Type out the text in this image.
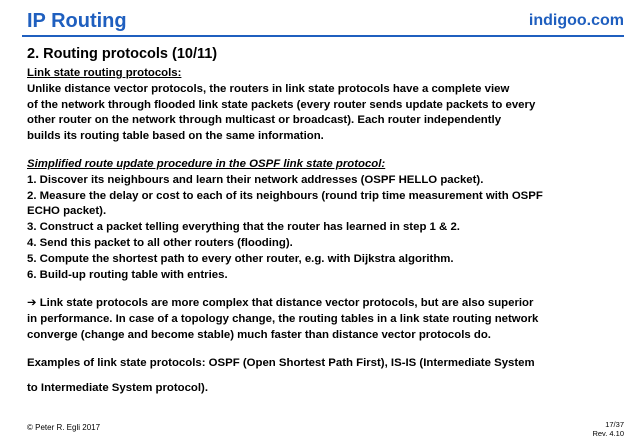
IP Routing	indigoo.com
2. Routing protocols (10/11)
Link state routing protocols:
Unlike distance vector protocols, the routers in link state protocols have a complete view
of the network through flooded link state packets (every router sends update packets to every
other router on the network through multicast or broadcast). Each router independently
builds its routing table based on the same information.
Simplified route update procedure in the OSPF link state protocol:
1. Discover its neighbours and learn their network addresses (OSPF HELLO packet).
2. Measure the delay or cost to each of its neighbours (round trip time measurement with OSPF
ECHO packet).
3. Construct a packet telling everything that the router has learned in step 1 & 2.
4. Send this packet to all other routers (flooding).
5. Compute the shortest path to every other router, e.g. with Dijkstra algorithm.
6. Build-up routing table with entries.
➔ Link state protocols are more complex that distance vector protocols, but are also superior
in performance. In case of a topology change, the routing tables in a link state routing network
converge (change and become stable) much faster than distance vector protocols do.
Examples of link state protocols: OSPF (Open Shortest Path First), IS-IS (Intermediate System
to Intermediate System protocol).
© Peter R. Egli 2017	17/37
Rev. 4.10
